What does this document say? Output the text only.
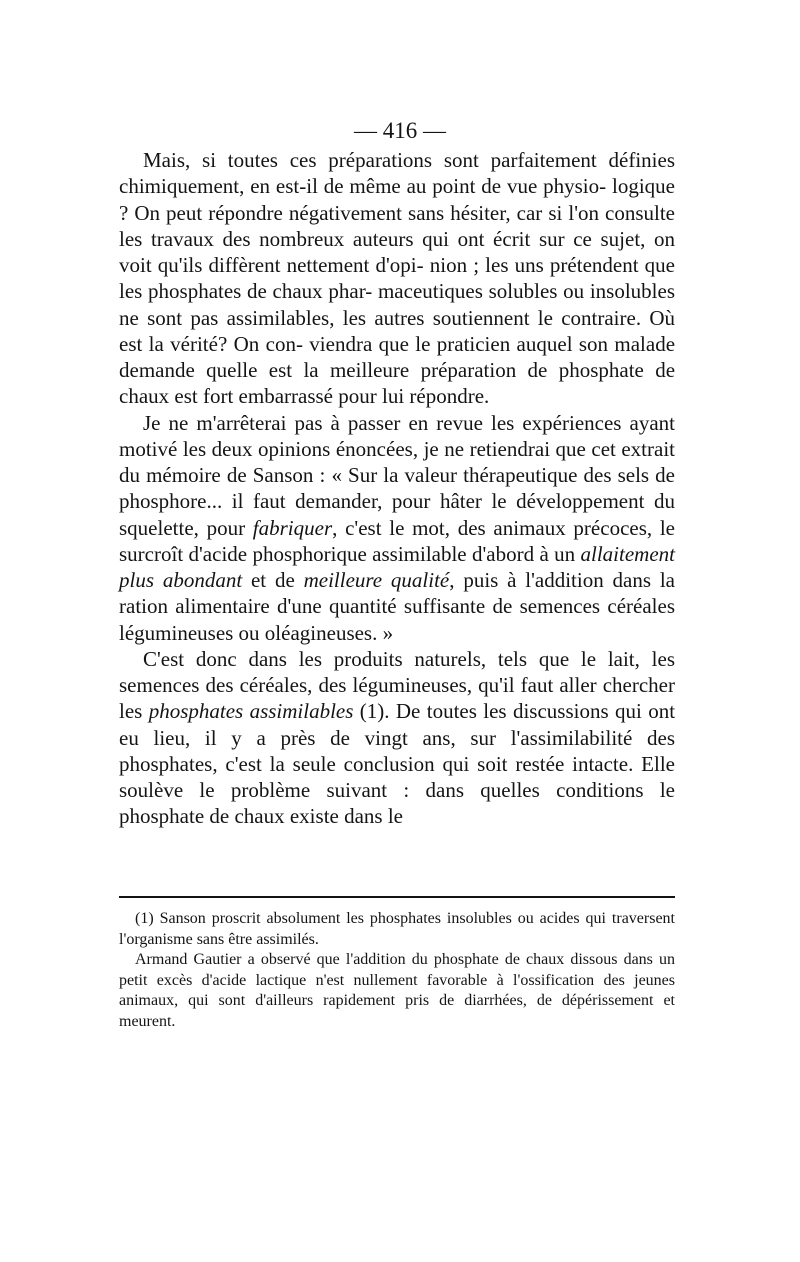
— 416 —

Mais, si toutes ces préparations sont parfaitement définies chimiquement, en est-il de même au point de vue physio- logique ? On peut répondre négativement sans hésiter, car si l'on consulte les travaux des nombreux auteurs qui ont écrit sur ce sujet, on voit qu'ils diffèrent nettement d'opi- nion ; les uns prétendent que les phosphates de chaux phar- maceutiques solubles ou insolubles ne sont pas assimilables, les autres soutiennent le contraire. Où est la vérité? On con- viendra que le praticien auquel son malade demande quelle est la meilleure préparation de phosphate de chaux est fort embarrassé pour lui répondre.

Je ne m'arrêterai pas à passer en revue les expériences ayant motivé les deux opinions énoncées, je ne retiendrai que cet extrait du mémoire de Sanson : « Sur la valeur thérapeutique des sels de phosphore... il faut demander, pour hâter le développement du squelette, pour fabriquer, c'est le mot, des animaux précoces, le surcroît d'acide phosphorique assimilable d'abord à un allaitement plus abondant et de meilleure qualité, puis à l'addition dans la ration alimentaire d'une quantité suffisante de semences céréales légumineuses ou oléagineuses. »

C'est donc dans les produits naturels, tels que le lait, les semences des céréales, des légumineuses, qu'il faut aller chercher les phosphates assimilables (1). De toutes les discussions qui ont eu lieu, il y a près de vingt ans, sur l'assimilabilité des phosphates, c'est la seule conclusion qui soit restée intacte. Elle soulève le problème suivant : dans quelles conditions le phosphate de chaux existe dans le

(1) Sanson proscrit absolument les phosphates insolubles ou acides qui traversent l'organisme sans être assimilés.

Armand Gautier a observé que l'addition du phosphate de chaux dissous dans un petit excès d'acide lactique n'est nullement favorable à l'ossification des jeunes animaux, qui sont d'ailleurs rapidement pris de diarrhées, de dépérissement et meurent.
